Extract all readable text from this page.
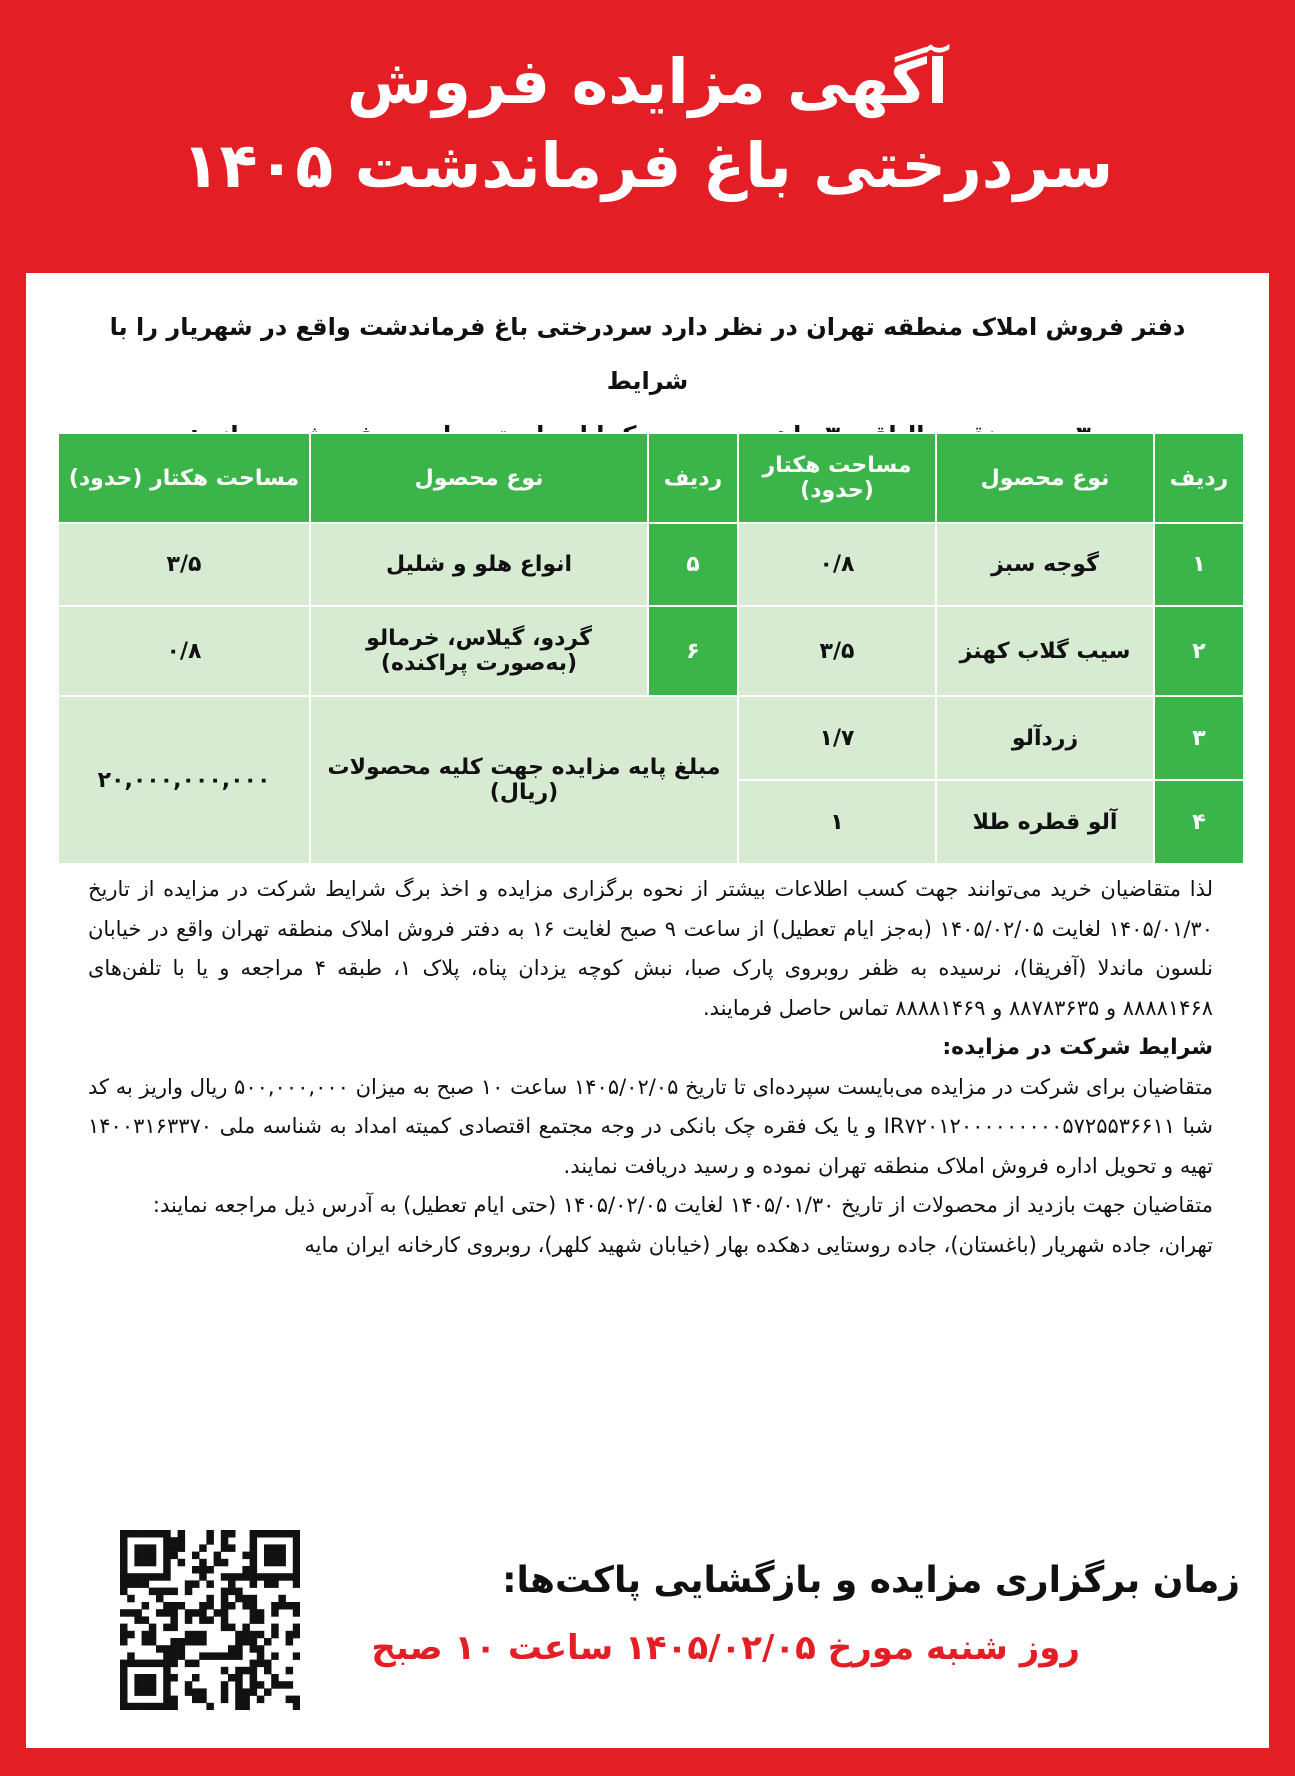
آگهی مزایده فروش
سردرختی باغ فرماندشت ۱۴۰۵
دفتر فروش املاک منطقه تهران در نظر دارد سردرختی باغ فرماندشت واقع در شهریار را با شرایط
ردیف	نوع محصول	مساحت هکتار (حدود)	ردیف	نوع محصول	مساحت هکتار (حدود)
۱	گوجه سبز	۰/۸	۵	انواع هلو و شلیل	۳/۵
۲	سیب گلاب کهنز	۳/۵	۶	گردو، گیلاس، خرمالو (به‌صورت پراکنده)	۰/۸
۳	زردآلو	۱/۷	مبلغ پایه مزایده جهت کلیه محصولات (ریال)		۲۰,۰۰۰,۰۰۰,۰۰۰
۴	آلو قطره طلا	۱			

لذا متقاضیان خرید می‌توانند جهت کسب اطلاعات بیشتر از نحوه برگزاری مزایده و اخذ برگ شرایط شرکت در مزایده از تاریخ ۱۴۰۵/۰۱/۳۰ لغایت ۱۴۰۵/۰۲/۰۵ (به‌جز ایام تعطیل) از ساعت ۹ صبح لغایت ۱۶ به دفتر فروش املاک منطقه تهران واقع در خیابان نلسون ماندلا (آفریقا)، نرسیده به ظفر روبروی پارک صبا، نبش کوچه یزدان پناه، پلاک ۱، طبقه ۴ مراجعه و یا با تلفن‌های ۸۸۸۸۱۴۶۸ و ۸۸۷۸۳۶۳۵ و ۸۸۸۸۱۴۶۹ تماس حاصل فرمایند.

شرایط شرکت در مزایده:

متقاضیان برای شرکت در مزایده می‌بایست سپرده‌ای تا تاریخ ۱۴۰۵/۰۲/۰۵ ساعت ۱۰ صبح به میزان ۵۰۰,۰۰۰,۰۰۰ ریال واریز به کد شبا IR۷۲۰۱۲۰۰۰۰۰۰۰۰۰۵۷۲۵۵۳۶۶۱۱ و یا یک فقره چک بانکی در وجه مجتمع اقتصادی کمیته امداد به شناسه ملی ۱۴۰۰۳۱۶۳۳۷۰ تهیه و تحویل اداره فروش املاک منطقه تهران نموده و رسید دریافت نمایند.

متقاضیان جهت بازدید از محصولات از تاریخ ۱۴۰۵/۰۱/۳۰ لغایت ۱۴۰۵/۰۲/۰۵ (حتی ایام تعطیل) به آدرس ذیل مراجعه نمایند:

تهران، جاده شهریار (باغستان)، جاده روستایی دهکده بهار (خیابان شهید کلهر)، روبروی کارخانه ایران مایه

زمان برگزاری مزایده و بازگشایی پاکت‌ها:
روز شنبه مورخ ۱۴۰۵/۰۲/۰۵ ساعت ۱۰ صبح
